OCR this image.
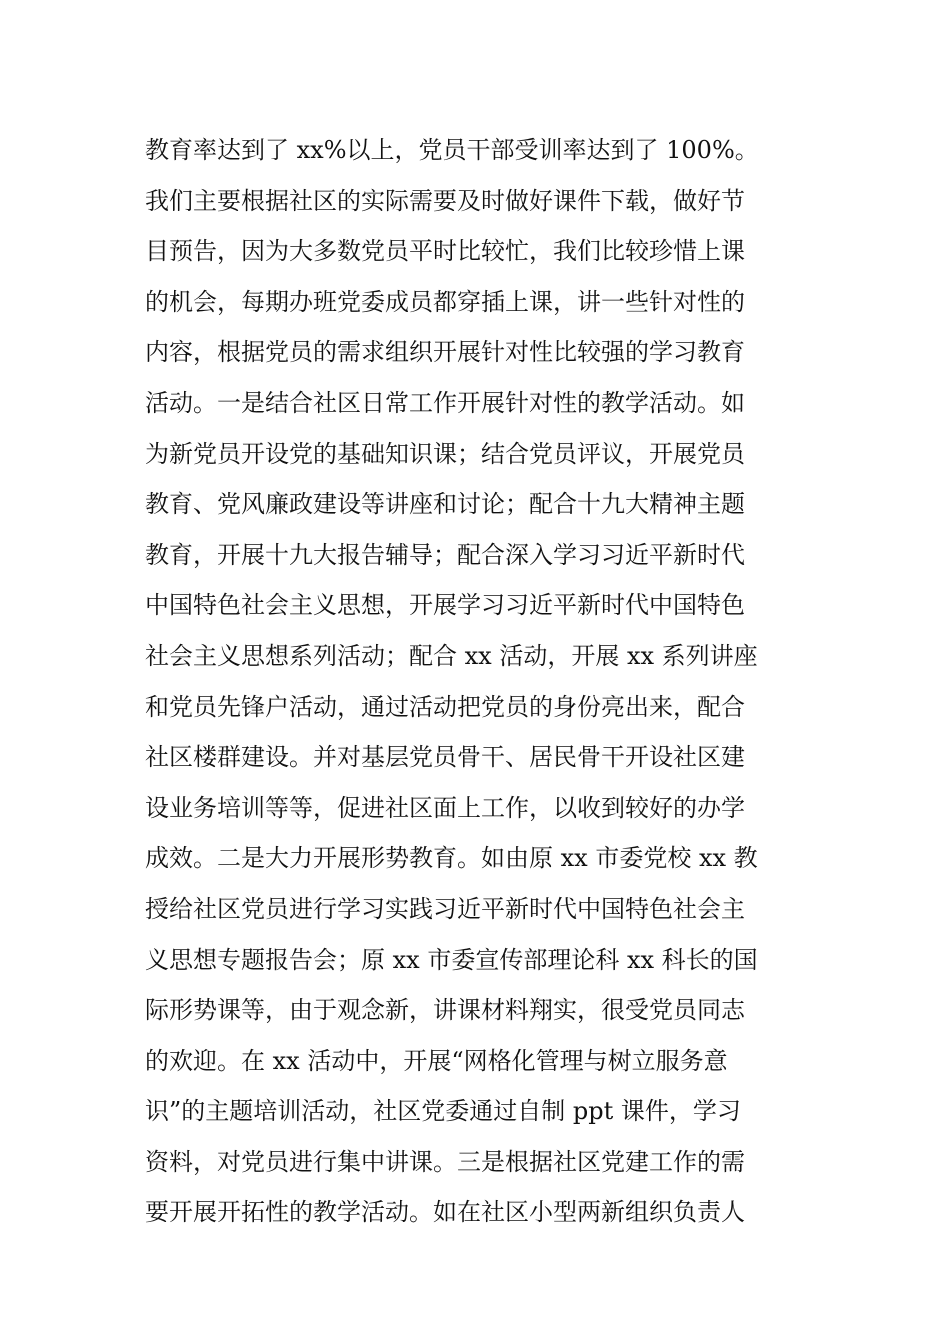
教育率达到了 xx%以上，党员干部受训率达到了 100%。
我们主要根据社区的实际需要及时做好课件下载，做好节
目预告，因为大多数党员平时比较忙，我们比较珍惜上课
的机会，每期办班党委成员都穿插上课，讲一些针对性的
内容，根据党员的需求组织开展针对性比较强的学习教育
活动。一是结合社区日常工作开展针对性的教学活动。如
为新党员开设党的基础知识课；结合党员评议，开展党员
教育、党风廉政建设等讲座和讨论；配合十九大精神主题
教育，开展十九大报告辅导；配合深入学习习近平新时代
中国特色社会主义思想，开展学习习近平新时代中国特色
社会主义思想系列活动；配合 xx 活动，开展 xx 系列讲座
和党员先锋户活动，通过活动把党员的身份亮出来，配合
社区楼群建设。并对基层党员骨干、居民骨干开设社区建
设业务培训等等，促进社区面上工作，以收到较好的办学
成效。二是大力开展形势教育。如由原 xx 市委党校 xx 教
授给社区党员进行学习实践习近平新时代中国特色社会主
义思想专题报告会；原 xx 市委宣传部理论科 xx 科长的国
际形势课等，由于观念新，讲课材料翔实，很受党员同志
的欢迎。在 xx 活动中，开展“网格化管理与树立服务意
识”的主题培训活动，社区党委通过自制 ppt 课件，学习
资料，对党员进行集中讲课。三是根据社区党建工作的需
要开展开拓性的教学活动。如在社区小型两新组织负责人
